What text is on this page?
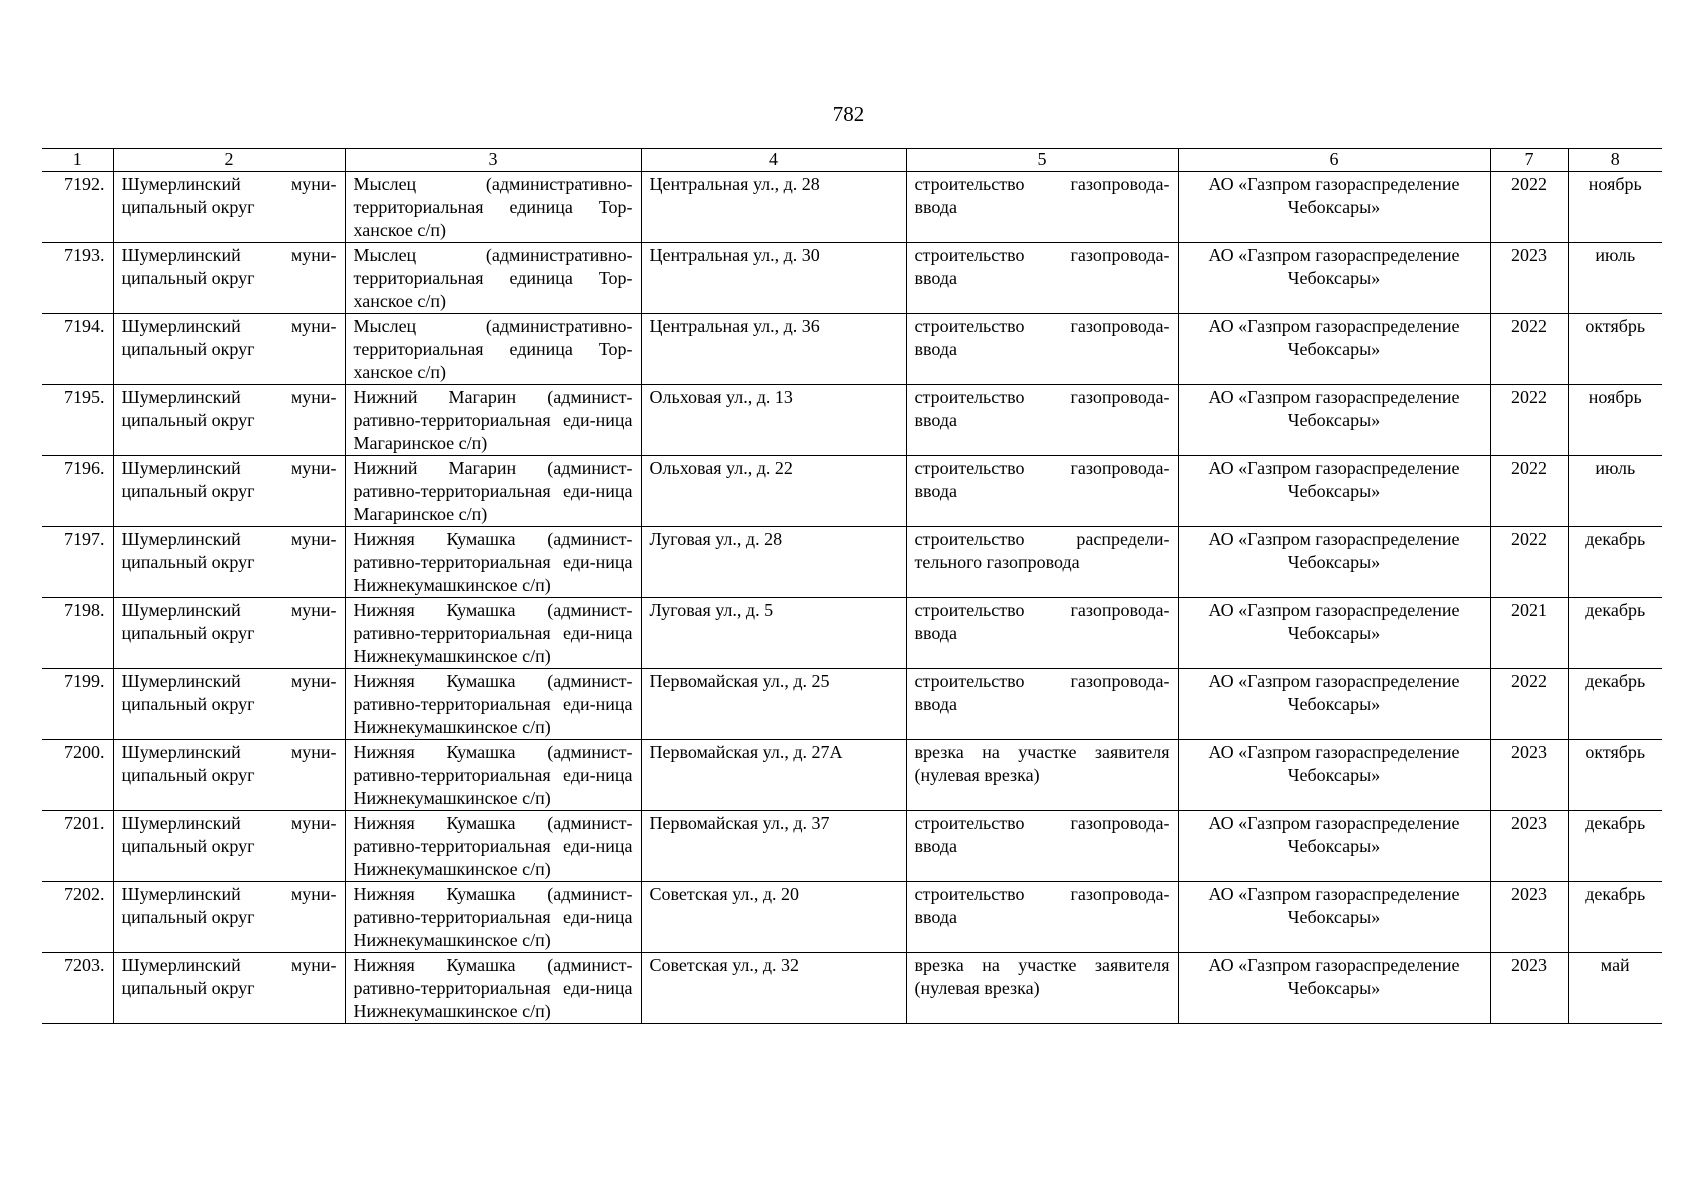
782
1	2	3	4	5	6	7	8
7192.	Шумерлинский муни-ципальный округ	Мыслец (административно-территориальная единица Тор-ханское с/п)	Центральная ул., д. 28	строительство газопровода-ввода	АО «Газпром газораспределение Чебоксары»	2022	ноябрь
7193.	Шумерлинский муни-ципальный округ	Мыслец (административно-территориальная единица Тор-ханское с/п)	Центральная ул., д. 30	строительство газопровода-ввода	АО «Газпром газораспределение Чебоксары»	2023	июль
7194.	Шумерлинский муни-ципальный округ	Мыслец (административно-территориальная единица Тор-ханское с/п)	Центральная ул., д. 36	строительство газопровода-ввода	АО «Газпром газораспределение Чебоксары»	2022	октябрь
7195.	Шумерлинский муни-ципальный округ	Нижний Магарин (админист-ративно-территориальная еди-ница Магаринское с/п)	Ольховая ул., д. 13	строительство газопровода-ввода	АО «Газпром газораспределение Чебоксары»	2022	ноябрь
7196.	Шумерлинский муни-ципальный округ	Нижний Магарин (админист-ративно-территориальная еди-ница Магаринское с/п)	Ольховая ул., д. 22	строительство газопровода-ввода	АО «Газпром газораспределение Чебоксары»	2022	июль
7197.	Шумерлинский муни-ципальный округ	Нижняя Кумашка (админист-ративно-территориальная еди-ница Нижнекумашкинское с/п)	Луговая ул., д. 28	строительство распредели-тельного газопровода	АО «Газпром газораспределение Чебоксары»	2022	декабрь
7198.	Шумерлинский муни-ципальный округ	Нижняя Кумашка (админист-ративно-территориальная еди-ница Нижнекумашкинское с/п)	Луговая ул., д. 5	строительство газопровода-ввода	АО «Газпром газораспределение Чебоксары»	2021	декабрь
7199.	Шумерлинский муни-ципальный округ	Нижняя Кумашка (админист-ративно-территориальная еди-ница Нижнекумашкинское с/п)	Первомайская ул., д. 25	строительство газопровода-ввода	АО «Газпром газораспределение Чебоксары»	2022	декабрь
7200.	Шумерлинский муни-ципальный округ	Нижняя Кумашка (админист-ративно-территориальная еди-ница Нижнекумашкинское с/п)	Первомайская ул., д. 27А	врезка на участке заявителя (нулевая врезка)	АО «Газпром газораспределение Чебоксары»	2023	октябрь
7201.	Шумерлинский муни-ципальный округ	Нижняя Кумашка (админист-ративно-территориальная еди-ница Нижнекумашкинское с/п)	Первомайская ул., д. 37	строительство газопровода-ввода	АО «Газпром газораспределение Чебоксары»	2023	декабрь
7202.	Шумерлинский муни-ципальный округ	Нижняя Кумашка (админист-ративно-территориальная еди-ница Нижнекумашкинское с/п)	Советская ул., д. 20	строительство газопровода-ввода	АО «Газпром газораспределение Чебоксары»	2023	декабрь
7203.	Шумерлинский муни-ципальный округ	Нижняя Кумашка (админист-ративно-территориальная еди-ница Нижнекумашкинское с/п)	Советская ул., д. 32	врезка на участке заявителя (нулевая врезка)	АО «Газпром газораспределение Чебоксары»	2023	май
